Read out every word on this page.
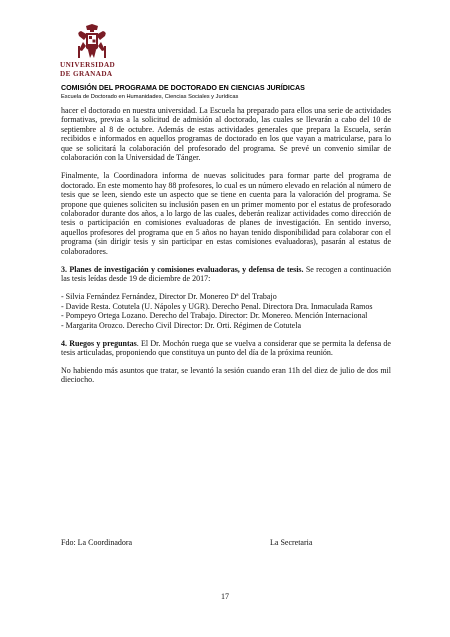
UNIVERSIDAD
DE GRANADA
COMISIÓN DEL PROGRAMA DE DOCTORADO EN CIENCIAS JURÍDICAS
Escuela de Doctorado en Humanidades, Ciencias Sociales y Jurídicas

hacer el doctorado en nuestra universidad. La Escuela ha preparado para ellos una serie de actividades formativas, previas a la solicitud de admisión al doctorado, las cuales se llevarán a cabo del 10 de septiembre al 8 de octubre. Además de estas actividades generales que prepara la Escuela, serán recibidos e informados en aquellos programas de doctorado en los que vayan a matricularse, para lo que se solicitará la colaboración del profesorado del programa. Se prevé un convenio similar de colaboración con la Universidad de Tánger.

Finalmente, la Coordinadora informa de nuevas solicitudes para formar parte del programa de doctorado. En este momento hay 88 profesores, lo cual es un número elevado en relación al número de tesis que se leen, siendo este un aspecto que se tiene en cuenta para la valoración del programa. Se propone que quienes soliciten su inclusión pasen en un primer momento por el estatus de profesorado colaborador durante dos años, a lo largo de las cuales, deberán realizar actividades como dirección de tesis o participación en comisiones evaluadoras de planes de investigación. En sentido inverso, aquellos profesores del programa que en 5 años no hayan tenido disponibilidad para colaborar con el programa (sin dirigir tesis y sin participar en estas comisiones evaluadoras), pasarán al estatus de colaboradores.

3. Planes de investigación y comisiones evaluadoras, y defensa de tesis. Se recogen a continuación las tesis leídas desde 19 de diciembre de 2017:

- Silvia Fernández Fernández, Director Dr. Monereo Dª del Trabajo

- Davide Resta. Cotutela (U. Nápoles y UGR). Derecho Penal. Directora Dra. Inmaculada Ramos

- Pompeyo Ortega Lozano. Derecho del Trabajo. Director: Dr. Monereo. Mención Internacional

- Margarita Orozco. Derecho Civil Director: Dr. Orti. Régimen de Cotutela

4. Ruegos y preguntas. El Dr. Mochón ruega que se vuelva a considerar que se permita la defensa de tesis articuladas, proponiendo que constituya un punto del día de la próxima reunión.

No habiendo más asuntos que tratar, se levantó la sesión cuando eran 11h del diez de julio de dos mil dieciocho.

Fdo: La Coordinadora	La Secretaria
17
